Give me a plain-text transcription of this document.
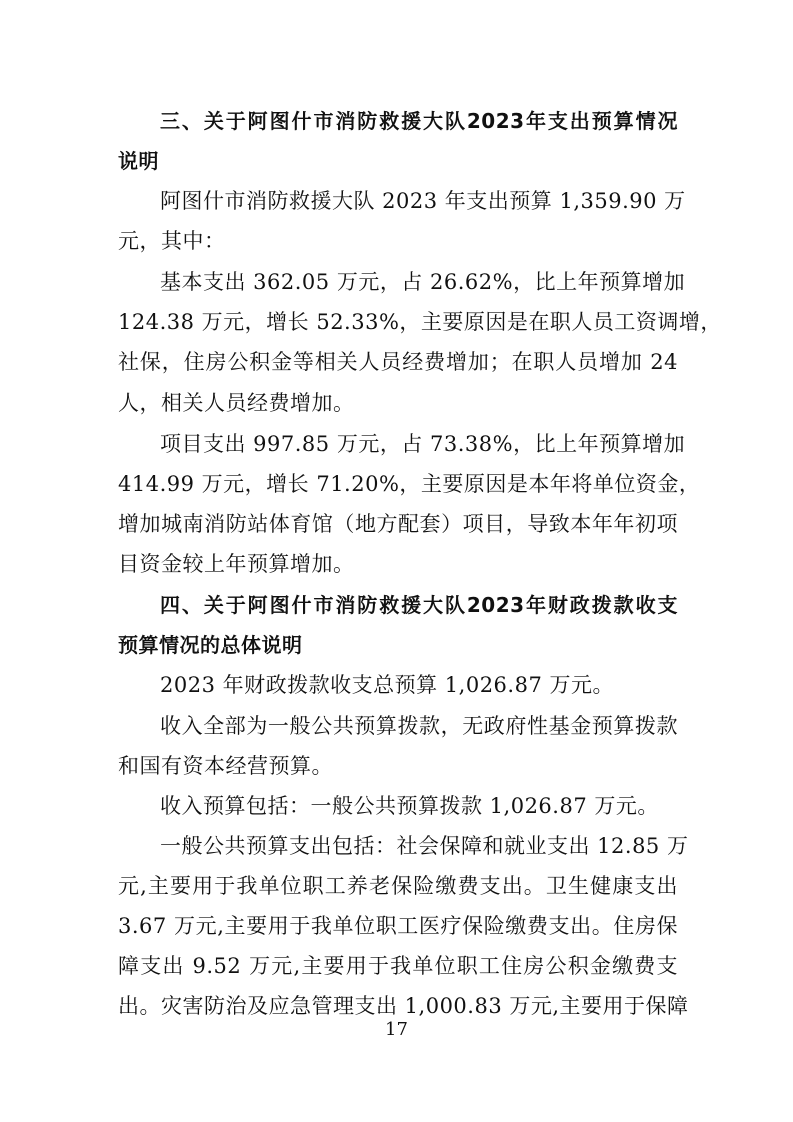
三、关于阿图什市消防救援大队2023年支出预算情况
说明
阿图什市消防救援大队 2023 年支出预算 1,359.90 万
元，其中：
基本支出 362.05 万元，占 26.62%，比上年预算增加
124.38 万元，增长 52.33%，主要原因是在职人员工资调增，
社保，住房公积金等相关人员经费增加；在职人员增加 24
人，相关人员经费增加。
项目支出 997.85 万元，占 73.38%，比上年预算增加
414.99 万元，增长 71.20%，主要原因是本年将单位资金，
增加城南消防站体育馆（地方配套）项目，导致本年年初项
目资金较上年预算增加。
四、关于阿图什市消防救援大队2023年财政拨款收支
预算情况的总体说明
2023 年财政拨款收支总预算 1,026.87 万元。
收入全部为一般公共预算拨款，无政府性基金预算拨款
和国有资本经营预算。
收入预算包括：一般公共预算拨款 1,026.87 万元。
一般公共预算支出包括：社会保障和就业支出 12.85 万
元,主要用于我单位职工养老保险缴费支出。卫生健康支出
3.67 万元,主要用于我单位职工医疗保险缴费支出。住房保
障支出 9.52 万元,主要用于我单位职工住房公积金缴费支
出。灾害防治及应急管理支出 1,000.83 万元,主要用于保障
17
